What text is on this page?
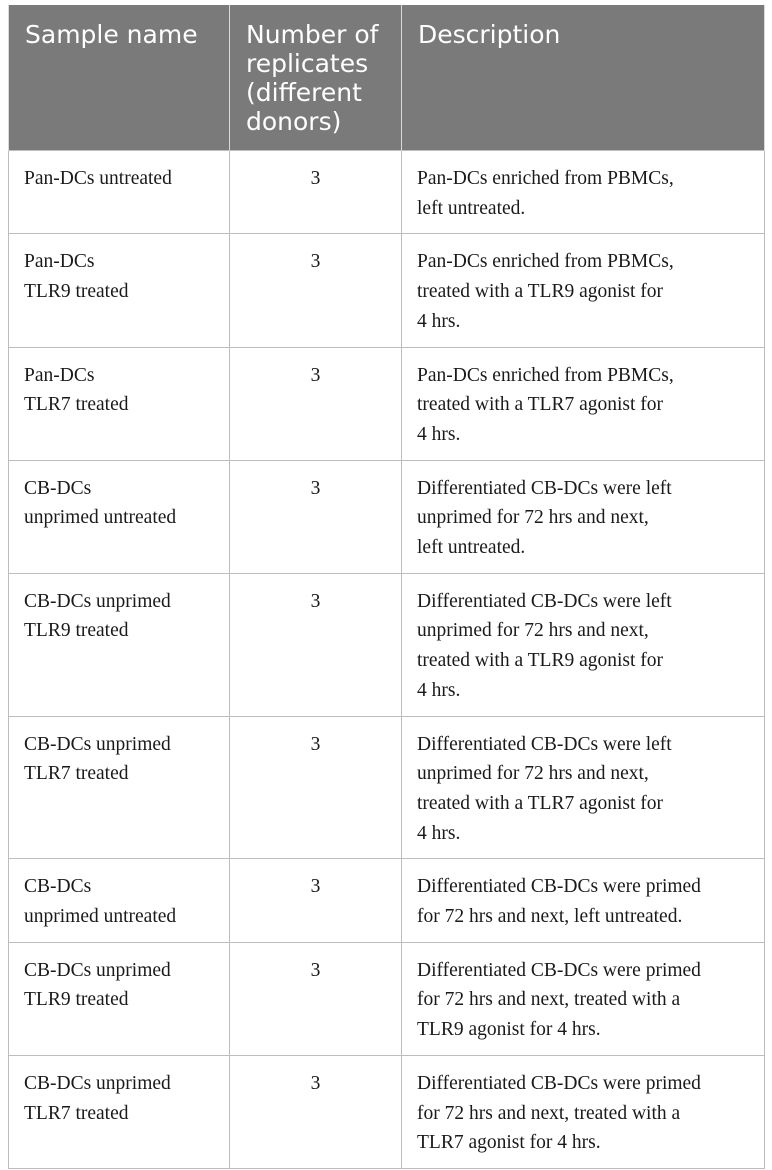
Sample name	Number of
replicates
(different
donors)	Description

Pan-DCs untreated	3	Pan-DCs enriched from PBMCs,
left untreated.

Pan-DCs
TLR9 treated	3	Pan-DCs enriched from PBMCs,
treated with a TLR9 agonist for
4 hrs.

Pan-DCs
TLR7 treated	3	Pan-DCs enriched from PBMCs,
treated with a TLR7 agonist for
4 hrs.

CB-DCs
unprimed untreated	3	Differentiated CB-DCs were left
unprimed for 72 hrs and next,
left untreated.

CB-DCs unprimed
TLR9 treated	3	Differentiated CB-DCs were left
unprimed for 72 hrs and next,
treated with a TLR9 agonist for
4 hrs.

CB-DCs unprimed
TLR7 treated	3	Differentiated CB-DCs were left
unprimed for 72 hrs and next,
treated with a TLR7 agonist for
4 hrs.

CB-DCs
unprimed untreated	3	Differentiated CB-DCs were primed
for 72 hrs and next, left untreated.

CB-DCs unprimed
TLR9 treated	3	Differentiated CB-DCs were primed
for 72 hrs and next, treated with a
TLR9 agonist for 4 hrs.

CB-DCs unprimed
TLR7 treated	3	Differentiated CB-DCs were primed
for 72 hrs and next, treated with a
TLR7 agonist for 4 hrs.
